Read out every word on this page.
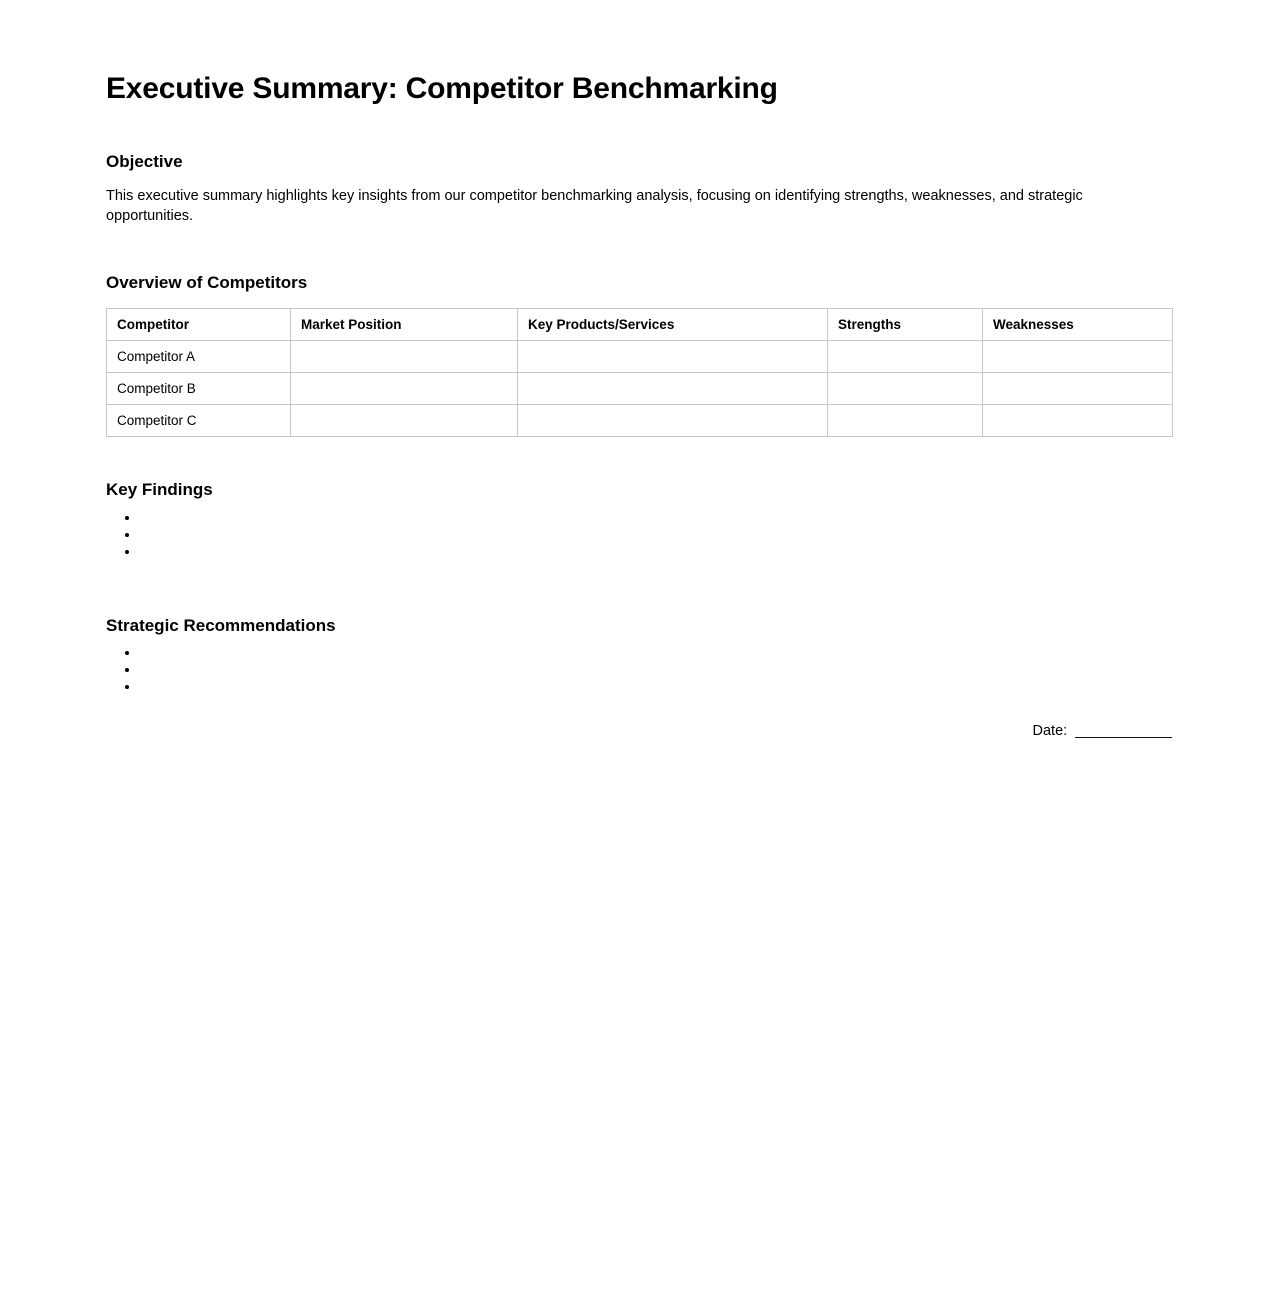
Executive Summary: Competitor Benchmarking
Objective

This executive summary highlights key insights from our competitor benchmarking analysis, focusing on identifying strengths, weaknesses, and strategic opportunities.

Overview of Competitors
Competitor	Market Position	Key Products/Services	Strengths	Weaknesses
Competitor A				
Competitor B				
Competitor C				
Key Findings
•
•
•
Strategic Recommendations
•
•
•

Date:  ____________
